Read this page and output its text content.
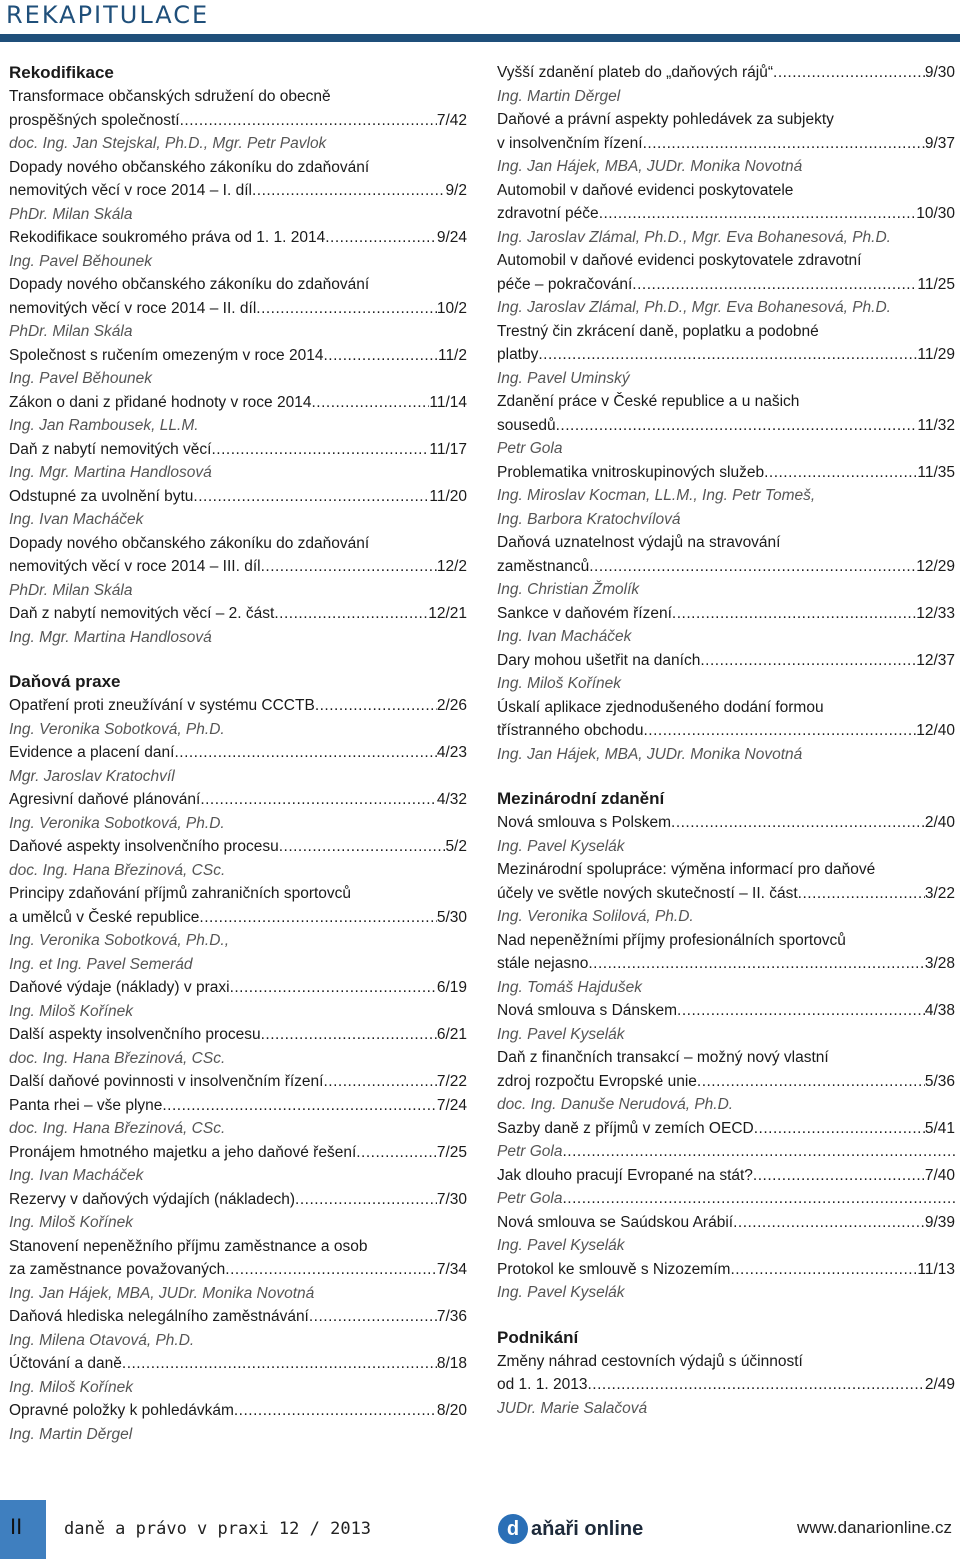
REKAPITULACE
Rekodifikace
Transformace občanských sdružení do obecně
prospěšných společností .....	7/42
doc. Ing. Jan Stejskal, Ph.D., Mgr. Petr Pavlok
Dopady nového občanského zákoníku do zdaňování
nemovitých věcí v roce 2014 – I. díl .....	9/2
PhDr. Milan Skála
Rekodifikace soukromého práva od 1. 1. 2014 .....	9/24
Ing. Pavel Běhounek
Dopady nového občanského zákoníku do zdaňování
nemovitých věcí v roce 2014 – II. díl .....	10/2
PhDr. Milan Skála
Společnost s ručením omezeným v roce 2014 .....	11/2
Ing. Pavel Běhounek
Zákon o dani z přidané hodnoty v roce 2014 .....	11/14
Ing. Jan Rambousek, LL.M.
Daň z nabytí nemovitých věcí .....	11/17
Ing. Mgr. Martina Handlosová
Odstupné za uvolnění bytu .....	11/20
Ing. Ivan Macháček
Dopady nového občanského zákoníku do zdaňování
nemovitých věcí v roce 2014 – III. díl .....	12/2
PhDr. Milan Skála
Daň z nabytí nemovitých věcí – 2. část .....	12/21
Ing. Mgr. Martina Handlosová
Daňová praxe
Opatření proti zneužívání v systému CCCTB .....	2/26
Ing. Veronika Sobotková, Ph.D.
Evidence a placení daní .....	4/23
Mgr. Jaroslav Kratochvíl
Agresivní daňové plánování .....	4/32
Ing. Veronika Sobotková, Ph.D.
Daňové aspekty insolvenčního procesu .....	5/2
doc. Ing. Hana Březinová, CSc.
Principy zdaňování příjmů zahraničních sportovců
a umělců v České republice .....	5/30
Ing. Veronika Sobotková, Ph.D.,
Ing. et Ing. Pavel Semerád
Daňové výdaje (náklady) v praxi .....	6/19
Ing. Miloš Kořínek
Další aspekty insolvenčního procesu .....	6/21
doc. Ing. Hana Březinová, CSc.
Další daňové povinnosti v insolvenčním řízení .....	7/22
Panta rhei – vše plyne .....	7/24
doc. Ing. Hana Březinová, CSc.
Pronájem hmotného majetku a jeho daňové řešení .....	7/25
Ing. Ivan Macháček
Rezervy v daňových výdajích (nákladech) .....	7/30
Ing. Miloš Kořínek
Stanovení nepeněžního příjmu zaměstnance a osob
za zaměstnance považovaných .....	7/34
Ing. Jan Hájek, MBA, JUDr. Monika Novotná
Daňová hlediska nelegálního zaměstnávání .....	7/36
Ing. Milena Otavová, Ph.D.
Účtování a daně .....	8/18
Ing. Miloš Kořínek
Opravné položky k pohledávkám .....	8/20
Ing. Martin Děrgel
Vyšší zdanění plateb do „daňových rájů“ .....	9/30
Ing. Martin Děrgel
Daňové a právní aspekty pohledávek za subjekty
v insolvenčním řízení .....	9/37
Ing. Jan Hájek, MBA, JUDr. Monika Novotná
Automobil v daňové evidenci poskytovatele
zdravotní péče .....	10/30
Ing. Jaroslav Zlámal, Ph.D., Mgr. Eva Bohanesová, Ph.D.
Automobil v daňové evidenci poskytovatele zdravotní
péče – pokračování .....	11/25
Ing. Jaroslav Zlámal, Ph.D., Mgr. Eva Bohanesová, Ph.D.
Trestný čin zkrácení daně, poplatku a podobné
platby .....	11/29
Ing. Pavel Uminský
Zdanění práce v České republice a u našich
sousedů .....	11/32
Petr Gola
Problematika vnitroskupinových služeb .....	11/35
Ing. Miroslav Kocman, LL.M., Ing. Petr Tomeš,
Ing. Barbora Kratochvílová
Daňová uznatelnost výdajů na stravování
zaměstnanců .....	12/29
Ing. Christian Žmolík
Sankce v daňovém řízení .....	12/33
Ing. Ivan Macháček
Dary mohou ušetřit na daních .....	12/37
Ing. Miloš Kořínek
Úskalí aplikace zjednodušeného dodání formou
třístranného obchodu .....	12/40
Ing. Jan Hájek, MBA, JUDr. Monika Novotná
Mezinárodní zdanění
Nová smlouva s Polskem .....	2/40
Ing. Pavel Kyselák
Mezinárodní spolupráce: výměna informací pro daňové
účely ve světle nových skutečností – II. část .....	3/22
Ing. Veronika Solilová, Ph.D.
Nad nepeněžními příjmy profesionálních sportovců
stále nejasno .....	3/28
Ing. Tomáš Hajdušek
Nová smlouva s Dánskem .....	4/38
Ing. Pavel Kyselák
Daň z finančních transakcí – možný nový vlastní
zdroj rozpočtu Evropské unie .....	5/36
doc. Ing. Danuše Nerudová, Ph.D.
Sazby daně z příjmů v zemích OECD .....	5/41
Petr Gola
.....
Jak dlouho pracují Evropané na stát? .....	7/40
Petr Gola
.....
Nová smlouva se Saúdskou Arábií .....	9/39
Ing. Pavel Kyselák
Protokol ke smlouvě s Nizozemím .....	11/13
Ing. Pavel Kyselák
Podnikání
Změny náhrad cestovních výdajů s účinností
od 1. 1. 2013 .....	2/49
JUDr. Marie Salačová
II daně a právo v praxi 12 / 2013	d aňaři online	www.danarionline.cz
